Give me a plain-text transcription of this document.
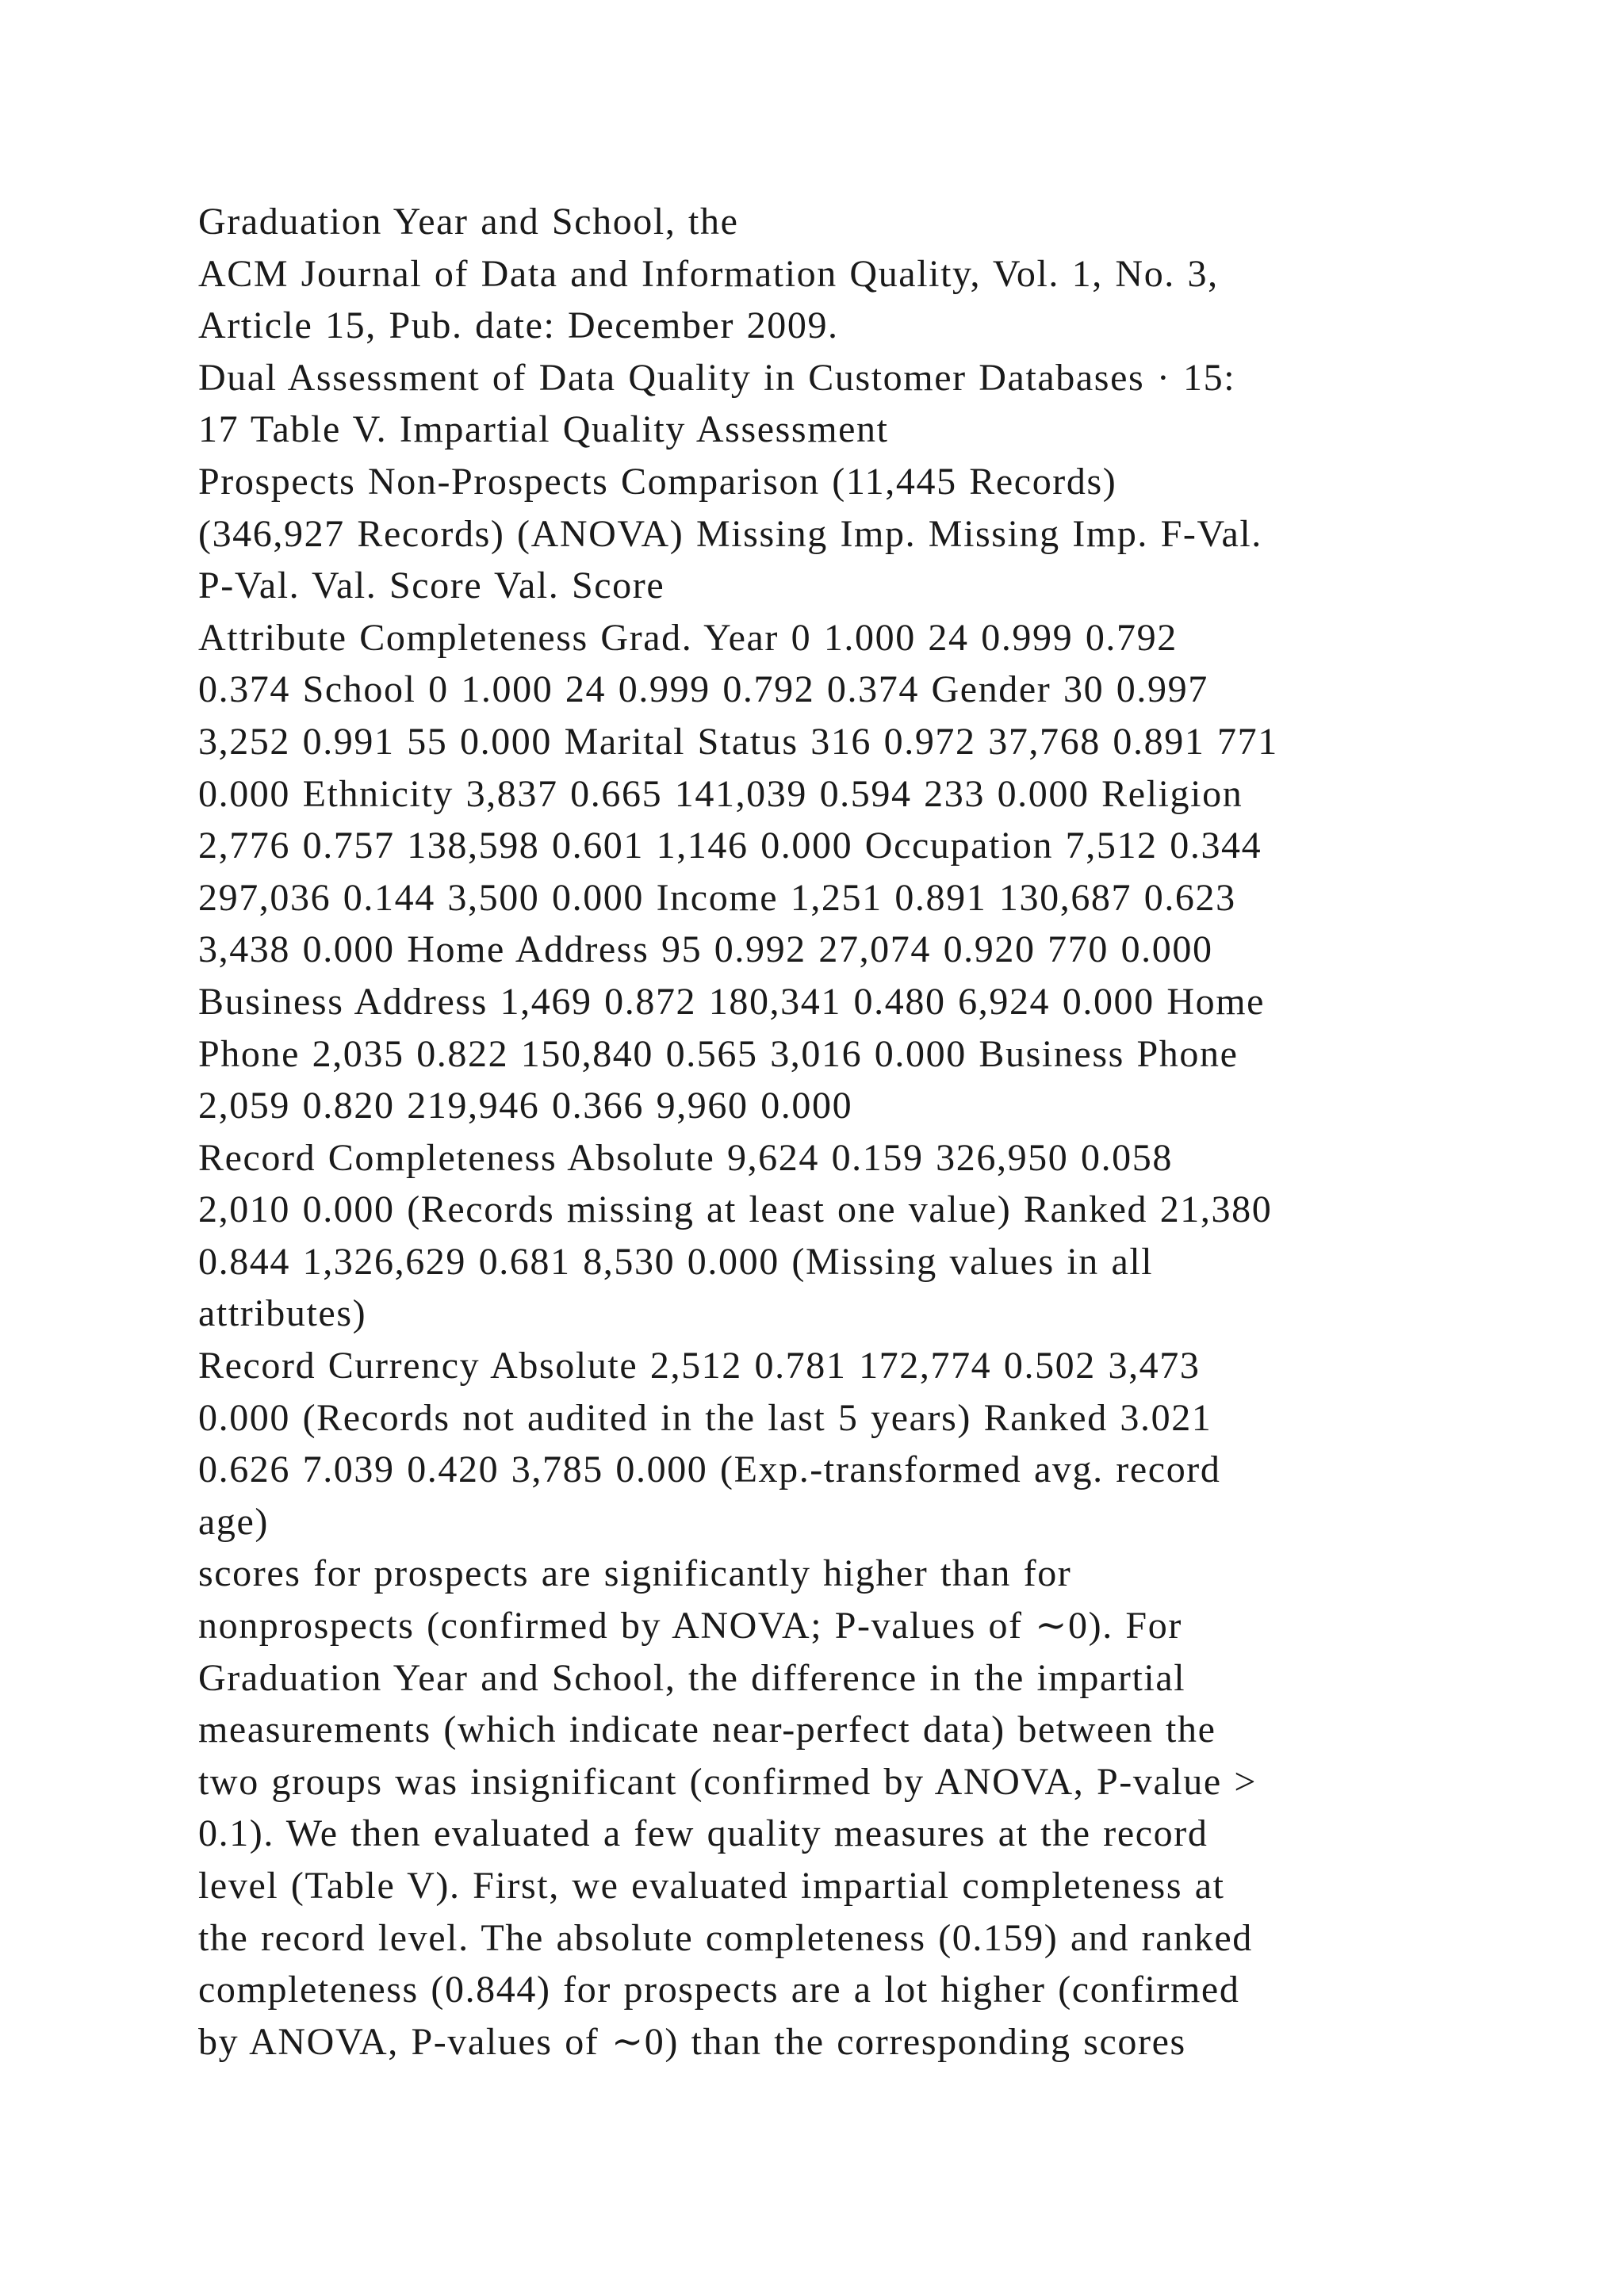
Graduation Year and School, the
ACM Journal of Data and Information Quality, Vol. 1, No. 3,
Article 15, Pub. date: December 2009.
Dual Assessment of Data Quality in Customer Databases · 15:
17 Table V. Impartial Quality Assessment
Prospects Non-Prospects Comparison (11,445 Records)
(346,927 Records) (ANOVA) Missing Imp. Missing Imp. F-Val.
P-Val. Val. Score Val. Score
Attribute Completeness Grad. Year 0 1.000 24 0.999 0.792
0.374 School 0 1.000 24 0.999 0.792 0.374 Gender 30 0.997
3,252 0.991 55 0.000 Marital Status 316 0.972 37,768 0.891 771
0.000 Ethnicity 3,837 0.665 141,039 0.594 233 0.000 Religion
2,776 0.757 138,598 0.601 1,146 0.000 Occupation 7,512 0.344
297,036 0.144 3,500 0.000 Income 1,251 0.891 130,687 0.623
3,438 0.000 Home Address 95 0.992 27,074 0.920 770 0.000
Business Address 1,469 0.872 180,341 0.480 6,924 0.000 Home
Phone 2,035 0.822 150,840 0.565 3,016 0.000 Business Phone
2,059 0.820 219,946 0.366 9,960 0.000
Record Completeness Absolute 9,624 0.159 326,950 0.058
2,010 0.000 (Records missing at least one value) Ranked 21,380
0.844 1,326,629 0.681 8,530 0.000 (Missing values in all
attributes)
Record Currency Absolute 2,512 0.781 172,774 0.502 3,473
0.000 (Records not audited in the last 5 years) Ranked 3.021
0.626 7.039 0.420 3,785 0.000 (Exp.-transformed avg. record
age)
scores for prospects are significantly higher than for
nonprospects (confirmed by ANOVA; P-values of ∼0). For
Graduation Year and School, the difference in the impartial
measurements (which indicate near-perfect data) between the
two groups was insignificant (confirmed by ANOVA, P-value >
0.1). We then evaluated a few quality measures at the record
level (Table V). First, we evaluated impartial completeness at
the record level. The absolute completeness (0.159) and ranked
completeness (0.844) for prospects are a lot higher (confirmed
by ANOVA, P-values of ∼0) than the corresponding scores
